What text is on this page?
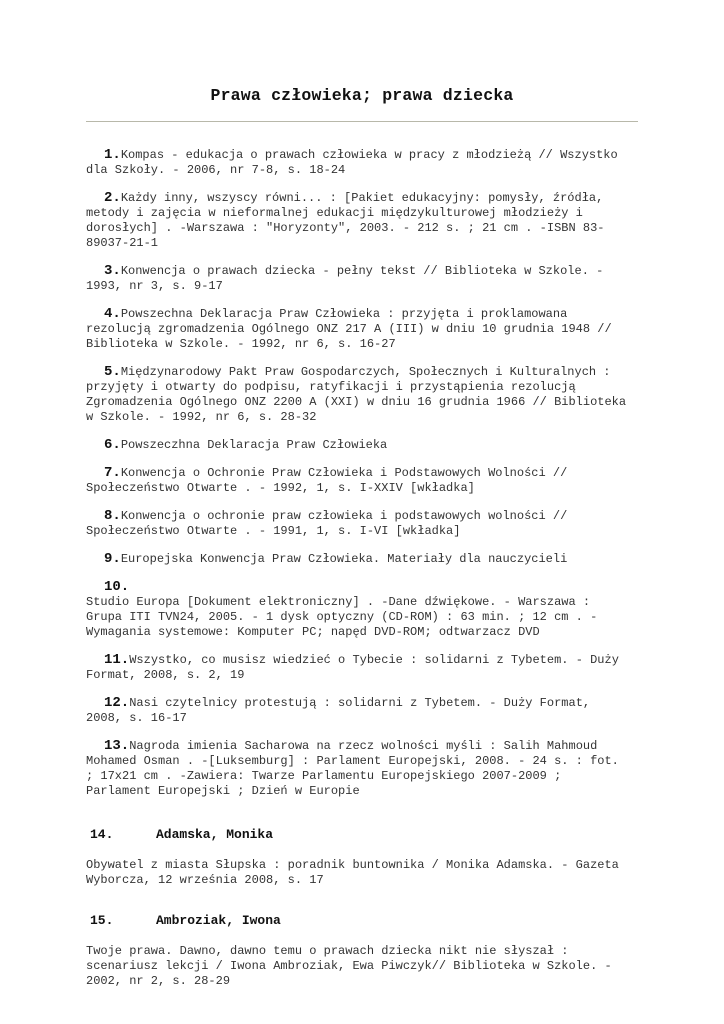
Prawa człowieka; prawa dziecka
1.Kompas - edukacja o prawach człowieka w pracy z młodzieżą // Wszystko
dla Szkoły. - 2006, nr 7-8, s. 18-24
2.Każdy inny, wszyscy równi... : [Pakiet edukacyjny: pomysły, źródła,
metody i zajęcia w nieformalnej edukacji międzykulturowej młodzieży i
dorosłych] . -Warszawa : "Horyzonty", 2003. - 212 s. ; 21 cm . -ISBN 83-
89037-21-1
3.Konwencja o prawach dziecka - pełny tekst // Biblioteka w Szkole. -
1993, nr 3, s. 9-17
4.Powszechna Deklaracja Praw Człowieka : przyjęta i proklamowana
rezolucją zgromadzenia Ogólnego ONZ 217 A (III) w dniu 10 grudnia 1948 //
Biblioteka w Szkole. - 1992, nr 6, s. 16-27
5.Międzynarodowy Pakt Praw Gospodarczych, Społecznych i Kulturalnych :
przyjęty i otwarty do podpisu, ratyfikacji i przystąpienia rezolucją
Zgromadzenia Ogólnego ONZ 2200 A (XXI) w dniu 16 grudnia 1966 // Biblioteka
w Szkole. - 1992, nr 6, s. 28-32
6.Powszeczhna Deklaracja Praw Człowieka
7.Konwencja o Ochronie Praw Człowieka i Podstawowych Wolności //
Społeczeństwo Otwarte . - 1992, 1, s. I-XXIV [wkładka]
8.Konwencja o ochronie praw człowieka i podstawowych wolności //
Społeczeństwo Otwarte . - 1991, 1, s. I-VI [wkładka]
9.Europejska Konwencja Praw Człowieka. Materiały dla nauczycieli
10.
Studio Europa [Dokument elektroniczny] . -Dane dźwiękowe. - Warszawa :
Grupa ITI TVN24, 2005. - 1 dysk optyczny (CD-ROM) : 63 min. ; 12 cm . -
Wymagania systemowe: Komputer PC; napęd DVD-ROM; odtwarzacz DVD
11.Wszystko, co musisz wiedzieć o Tybecie : solidarni z Tybetem. - Duży
Format, 2008, s. 2, 19
12.Nasi czytelnicy protestują : solidarni z Tybetem. - Duży Format,
2008, s. 16-17
13.Nagroda imienia Sacharowa na rzecz wolności myśli : Salih Mahmoud
Mohamed Osman . -[Luksemburg] : Parlament Europejski, 2008. - 24 s. : fot.
; 17x21 cm . -Zawiera: Twarze Parlamentu Europejskiego 2007-2009 ;
Parlament Europejski ; Dzień w Europie

14.	Adamska, Monika

Obywatel z miasta Słupska : poradnik buntownika / Monika Adamska. - Gazeta
Wyborcza, 12 września 2008, s. 17

15.	Ambroziak, Iwona

Twoje prawa. Dawno, dawno temu o prawach dziecka nikt nie słyszał :
scenariusz lekcji / Iwona Ambroziak, Ewa Piwczyk// Biblioteka w Szkole. -
2002, nr 2, s. 28-29
